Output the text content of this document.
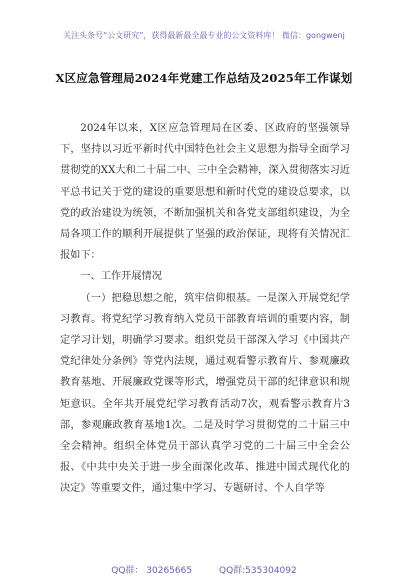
关注头条号“公文研究”，获得最新最全最专业的公文资料库！ 微信：gongwenj
X区应急管理局2024年党建工作总结及2025年工作谋划

2024年以来，X区应急管理局在区委、区政府的坚强领导下，坚持以习近平新时代中国特色社会主义思想为指导全面学习贯彻党的XX大和二十届二中、三中全会精神，深入贯彻落实习近平总书记关于党的建设的重要思想和新时代党的建设总要求，以党的政治建设为统领，不断加强机关和各党支部组织建设，为全局各项工作的顺利开展提供了坚强的政治保证，现将有关情况汇报如下：

一、工作开展情况

（一）把稳思想之舵，筑牢信仰根基。一是深入开展党纪学习教育。将党纪学习教育纳入党员干部教育培训的重要内容，制定学习计划，明确学习要求。组织党员干部深入学习《中国共产党纪律处分条例》等党内法规，通过观看警示教育片、参观廉政教育基地、开展廉政党课等形式，增强党员干部的纪律意识和规矩意识。全年共开展党纪学习教育活动7次，观看警示教育片3部，参观廉政教育基地1次。二是及时学习贯彻党的二十届三中全会精神。组织全体党员干部认真学习党的二十届三中全会公报、《中共中央关于进一步全面深化改革、推进中国式现代化的决定》等重要文件，通过集中学习、专题研讨、个人自学等

QQ群： 30265665	QQ群:535304092
